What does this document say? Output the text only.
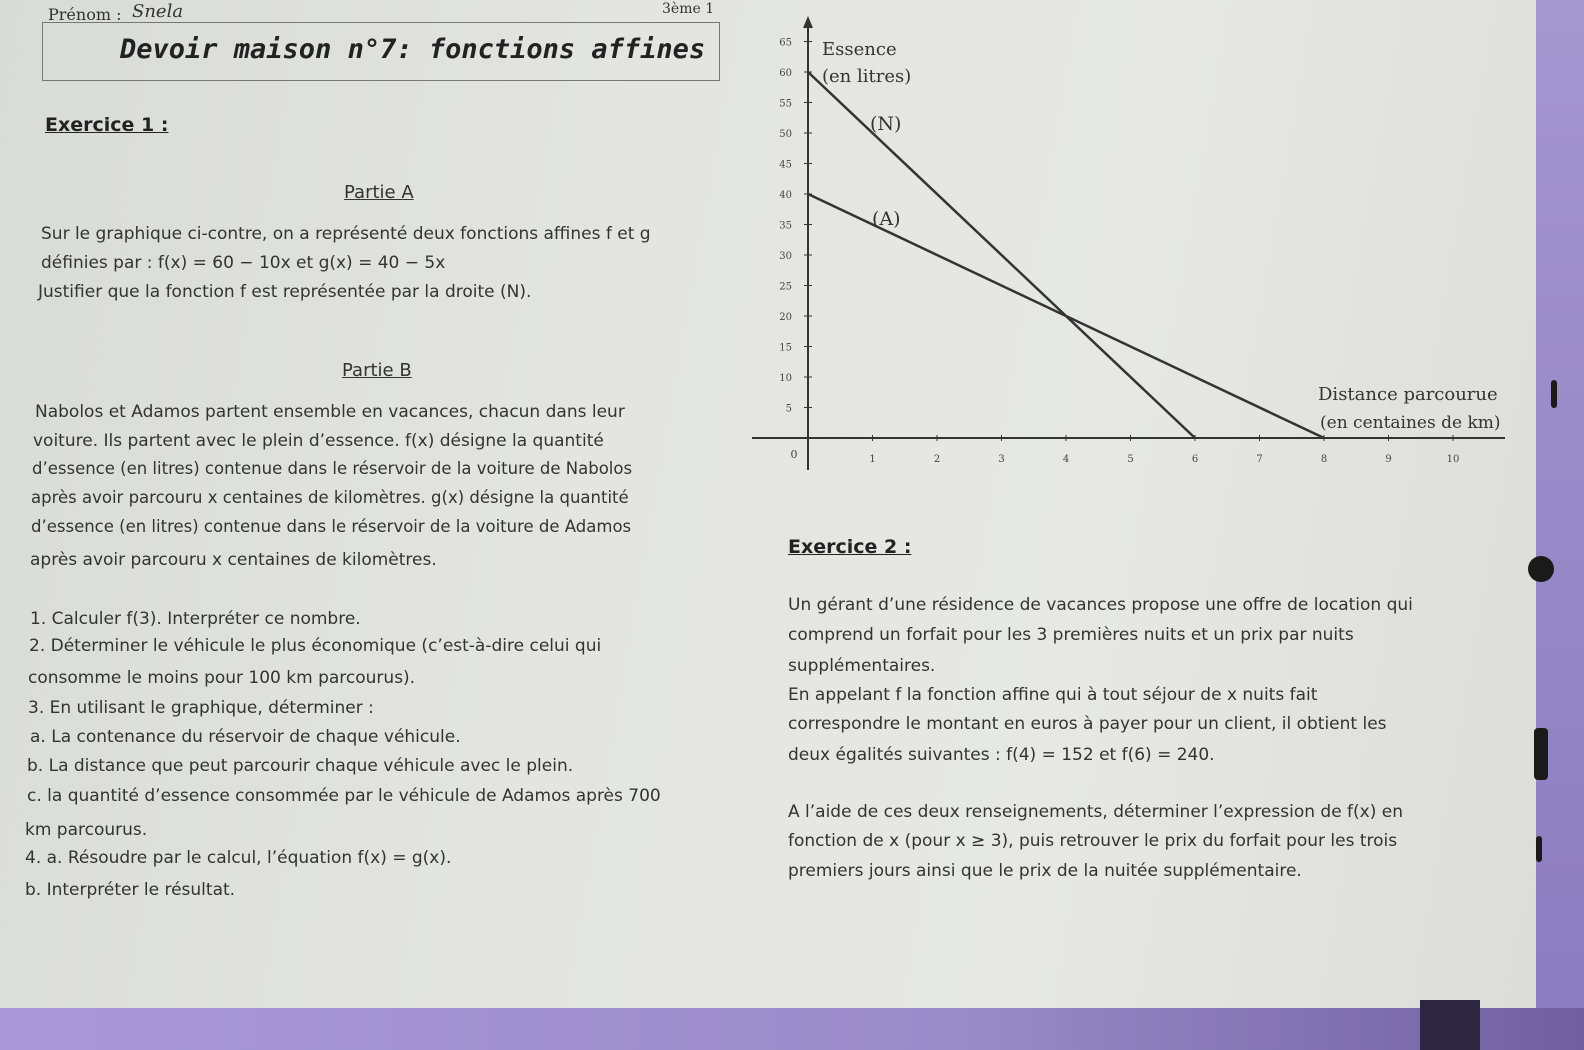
Prénom : Snela	3ème 1
Devoir maison n°7: fonctions affines
Exercice 1 :
Partie A
Sur le graphique ci-contre, on a représenté deux fonctions affines f et g
définies par : f(x) = 60 − 10x et g(x) = 40 − 5x
Justifier que la fonction f est représentée par la droite (N).
Partie B
Nabolos et Adamos partent ensemble en vacances, chacun dans leur
voiture. Ils partent avec le plein d’essence. f(x) désigne la quantité
d’essence (en litres) contenue dans le réservoir de la voiture de Nabolos
après avoir parcouru x centaines de kilomètres. g(x) désigne la quantité
d’essence (en litres) contenue dans le réservoir de la voiture de Adamos
après avoir parcouru x centaines de kilomètres.
1. Calculer f(3). Interpréter ce nombre.
2. Déterminer le véhicule le plus économique (c’est-à-dire celui qui
consomme le moins pour 100 km parcourus).
3. En utilisant le graphique, déterminer :
a. La contenance du réservoir de chaque véhicule.
b. La distance que peut parcourir chaque véhicule avec le plein.
c. la quantité d’essence consommée par le véhicule de Adamos après 700
km parcourus.
4. a. Résoudre par le calcul, l’équation f(x) = g(x).
b. Interpréter le résultat.
Exercice 2 :
Un gérant d’une résidence de vacances propose une offre de location qui
comprend un forfait pour les 3 premières nuits et un prix par nuits
supplémentaires.
En appelant f la fonction affine qui à tout séjour de x nuits fait
correspondre le montant en euros à payer pour un client, il obtient les
deux égalités suivantes : f(4) = 152 et f(6) = 240.
A l’aide de ces deux renseignements, déterminer l’expression de f(x) en
fonction de x (pour x ≥ 3), puis retrouver le prix du forfait pour les trois
premiers jours ainsi que le prix de la nuitée supplémentaire.
1	2	3	4	5	6	7	8	9	10
5
10
15
20
25
30
35
40
45
50
55
60
65
0
(N)
(A)
Essence
(en litres)
Distance parcourue
(en centaines de km)
